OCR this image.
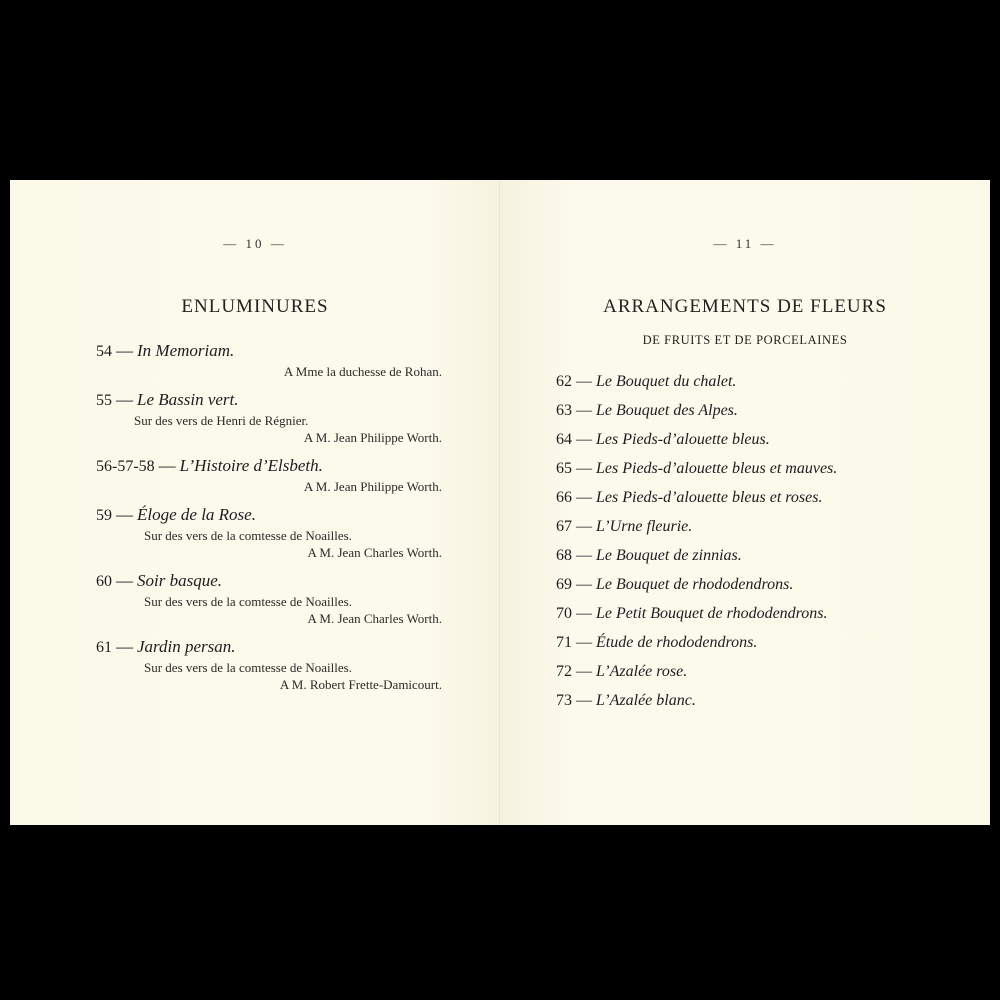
— 10 —
ENLUMINURES
54 — In Memoriam.
A Mme la duchesse de Rohan.
55 — Le Bassin vert.
Sur des vers de Henri de Régnier.
A M. Jean Philippe Worth.
56-57-58 — L’Histoire d’Elsbeth.
A M. Jean Philippe Worth.
59 — Éloge de la Rose.
Sur des vers de la comtesse de Noailles.
A M. Jean Charles Worth.
60 — Soir basque.
Sur des vers de la comtesse de Noailles.
A M. Jean Charles Worth.
61 — Jardin persan.
Sur des vers de la comtesse de Noailles.
A M. Robert Frette-Damicourt.
— 11 —
ARRANGEMENTS DE FLEURS
DE FRUITS ET DE PORCELAINES
62 — Le Bouquet du chalet.
63 — Le Bouquet des Alpes.
64 — Les Pieds-d’alouette bleus.
65 — Les Pieds-d’alouette bleus et mauves.
66 — Les Pieds-d’alouette bleus et roses.
67 — L’Urne fleurie.
68 — Le Bouquet de zinnias.
69 — Le Bouquet de rhododendrons.
70 — Le Petit Bouquet de rhododendrons.
71 — Étude de rhododendrons.
72 — L’Azalée rose.
73 — L’Azalée blanc.
